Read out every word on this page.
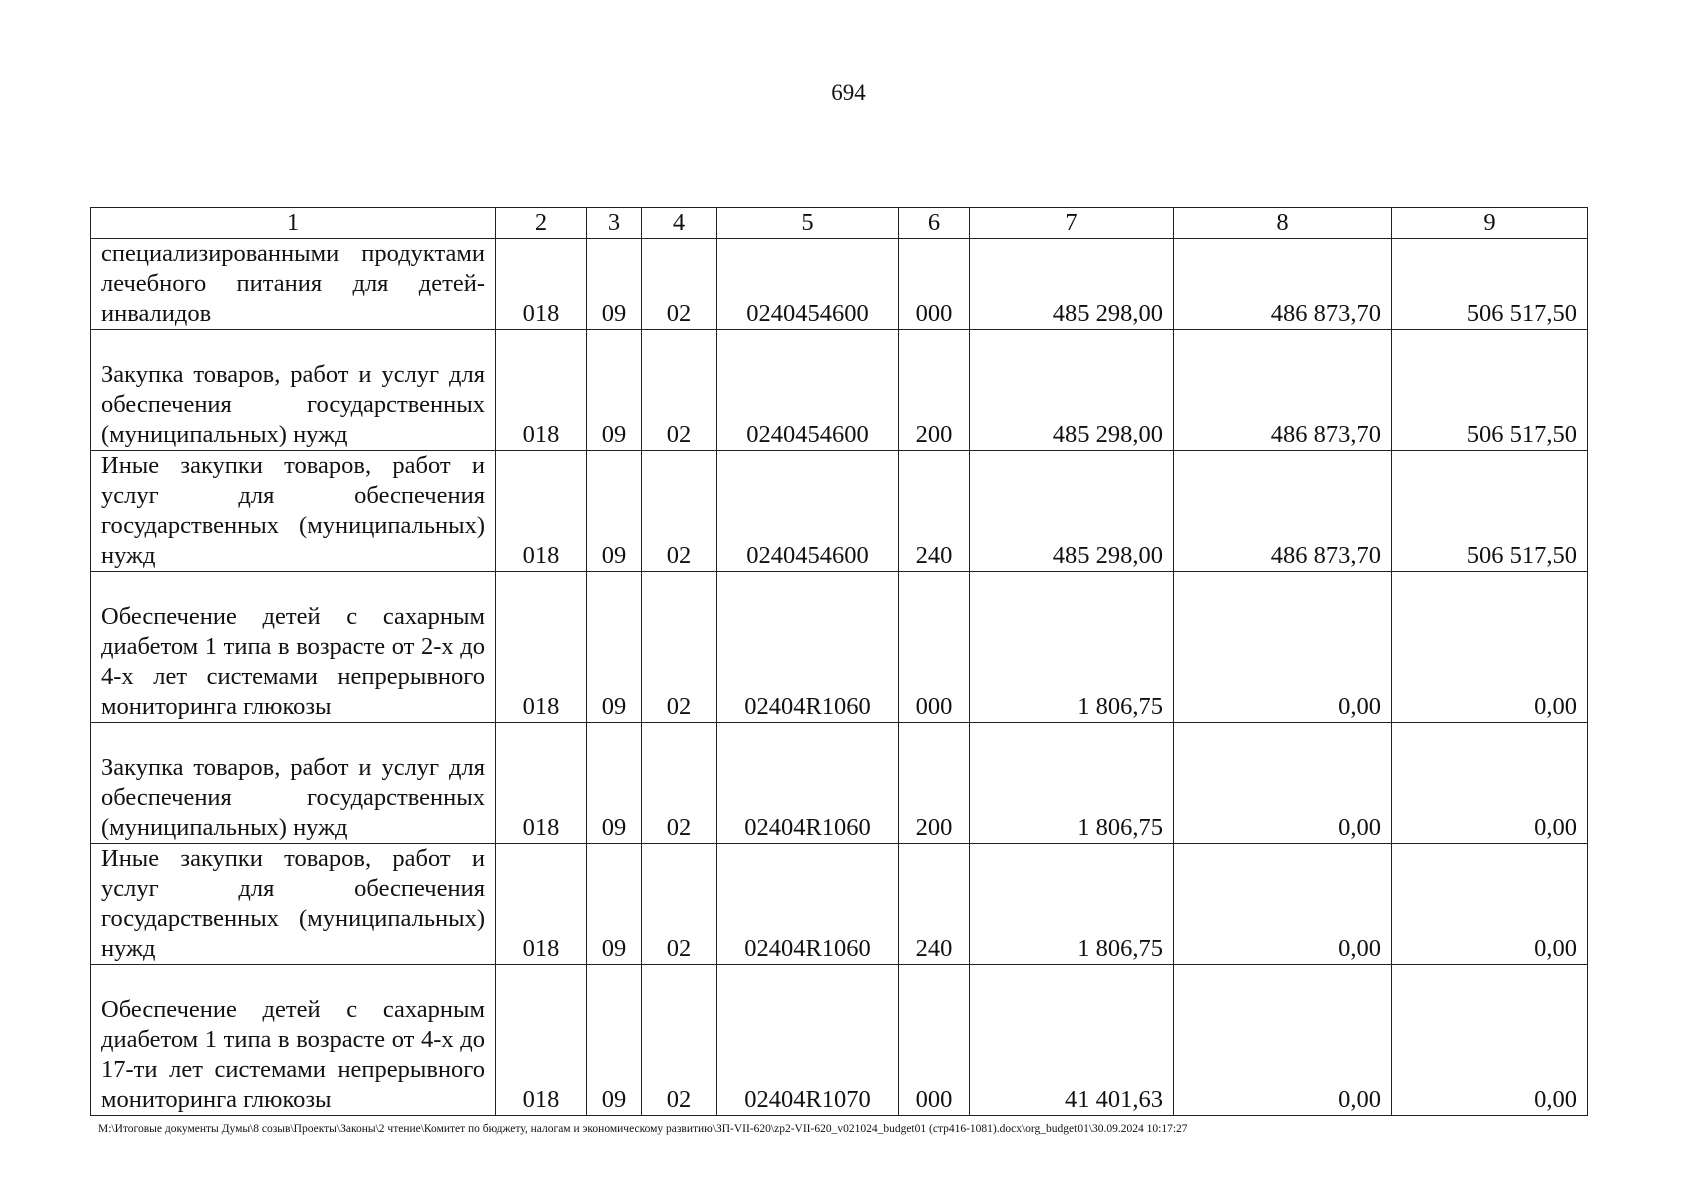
694
1	2	3	4	5	6	7	8	9
специализированными продуктами лечебного питания для детей-инвалидов	018	09	02	0240454600	000	485 298,00	486 873,70	506 517,50
Закупка товаров, работ и услуг для обеспечения государственных (муниципальных) нужд	018	09	02	0240454600	200	485 298,00	486 873,70	506 517,50
Иные закупки товаров, работ и услуг для обеспечения государственных (муниципальных) нужд	018	09	02	0240454600	240	485 298,00	486 873,70	506 517,50
Обеспечение детей с сахарным диабетом 1 типа в возрасте от 2-х до 4-х лет системами непрерывного мониторинга глюкозы	018	09	02	02404R1060	000	1 806,75	0,00	0,00
Закупка товаров, работ и услуг для обеспечения государственных (муниципальных) нужд	018	09	02	02404R1060	200	1 806,75	0,00	0,00
Иные закупки товаров, работ и услуг для обеспечения государственных (муниципальных) нужд	018	09	02	02404R1060	240	1 806,75	0,00	0,00
Обеспечение детей с сахарным диабетом 1 типа в возрасте от 4-х до 17-ти лет системами непрерывного мониторинга глюкозы	018	09	02	02404R1070	000	41 401,63	0,00	0,00
M:\Итоговые документы Думы\8 созыв\Проекты\Законы\2 чтение\Комитет по бюджету, налогам и экономическому развитию\ЗП-VII-620\zp2-VII-620_v021024_budget01 (стр416-1081).docx\org_budget01\30.09.2024 10:17:27
